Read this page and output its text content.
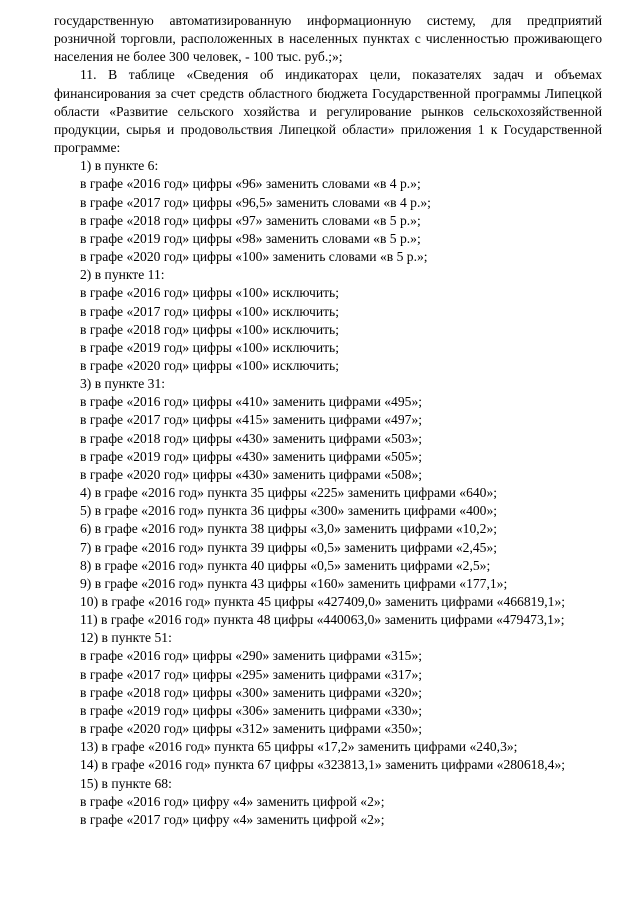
государственную автоматизированную информационную систему, для предприятий розничной торговли, расположенных в населенных пунктах с численностью проживающего населения не более 300 человек, - 100 тыс. руб.;»;

11. В таблице «Сведения об индикаторах цели, показателях задач и объемах финансирования за счет средств областного бюджета Государственной программы Липецкой области «Развитие сельского хозяйства и регулирование рынков сельскохозяйственной продукции, сырья и продовольствия Липецкой области» приложения 1 к Государственной программе:

1) в пункте 6:
в графе «2016 год» цифры «96» заменить словами «в 4 р.»;
в графе «2017 год» цифры «96,5» заменить словами «в 4 р.»;
в графе «2018 год» цифры «97» заменить словами «в 5 р.»;
в графе «2019 год» цифры «98» заменить словами «в 5 р.»;
в графе «2020 год» цифры «100» заменить словами «в 5 р.»;
2) в пункте 11:
в графе «2016 год» цифры «100» исключить;
в графе «2017 год» цифры «100» исключить;
в графе «2018 год» цифры «100» исключить;
в графе «2019 год» цифры «100» исключить;
в графе «2020 год» цифры «100» исключить;
3) в пункте 31:
в графе «2016 год» цифры «410» заменить цифрами «495»;
в графе «2017 год» цифры «415» заменить цифрами «497»;
в графе «2018 год» цифры «430» заменить цифрами «503»;
в графе «2019 год» цифры «430» заменить цифрами «505»;
в графе «2020 год» цифры «430» заменить цифрами «508»;
4) в графе «2016 год» пункта 35 цифры «225» заменить цифрами «640»;
5) в графе «2016 год» пункта 36 цифры «300» заменить цифрами «400»;
6) в графе «2016 год» пункта 38 цифры «3,0» заменить цифрами «10,2»;
7) в графе «2016 год» пункта 39 цифры «0,5» заменить цифрами «2,45»;
8) в графе «2016 год» пункта 40 цифры «0,5» заменить цифрами «2,5»;
9) в графе «2016 год» пункта 43 цифры «160» заменить цифрами «177,1»;

10) в графе «2016 год» пункта 45 цифры «427409,0» заменить цифрами «466819,1»;

11) в графе «2016 год» пункта 48 цифры «440063,0» заменить цифрами «479473,1»;

12) в пункте 51:
в графе «2016 год» цифры «290» заменить цифрами «315»;
в графе «2017 год» цифры «295» заменить цифрами «317»;
в графе «2018 год» цифры «300» заменить цифрами «320»;
в графе «2019 год» цифры «306» заменить цифрами «330»;
в графе «2020 год» цифры «312» заменить цифрами «350»;
13) в графе «2016 год» пункта 65 цифры «17,2» заменить цифрами «240,3»;

14) в графе «2016 год» пункта 67 цифры «323813,1» заменить цифрами «280618,4»;

15) в пункте 68:
в графе «2016 год» цифру «4» заменить цифрой «2»;
в графе «2017 год» цифру «4» заменить цифрой «2»;
